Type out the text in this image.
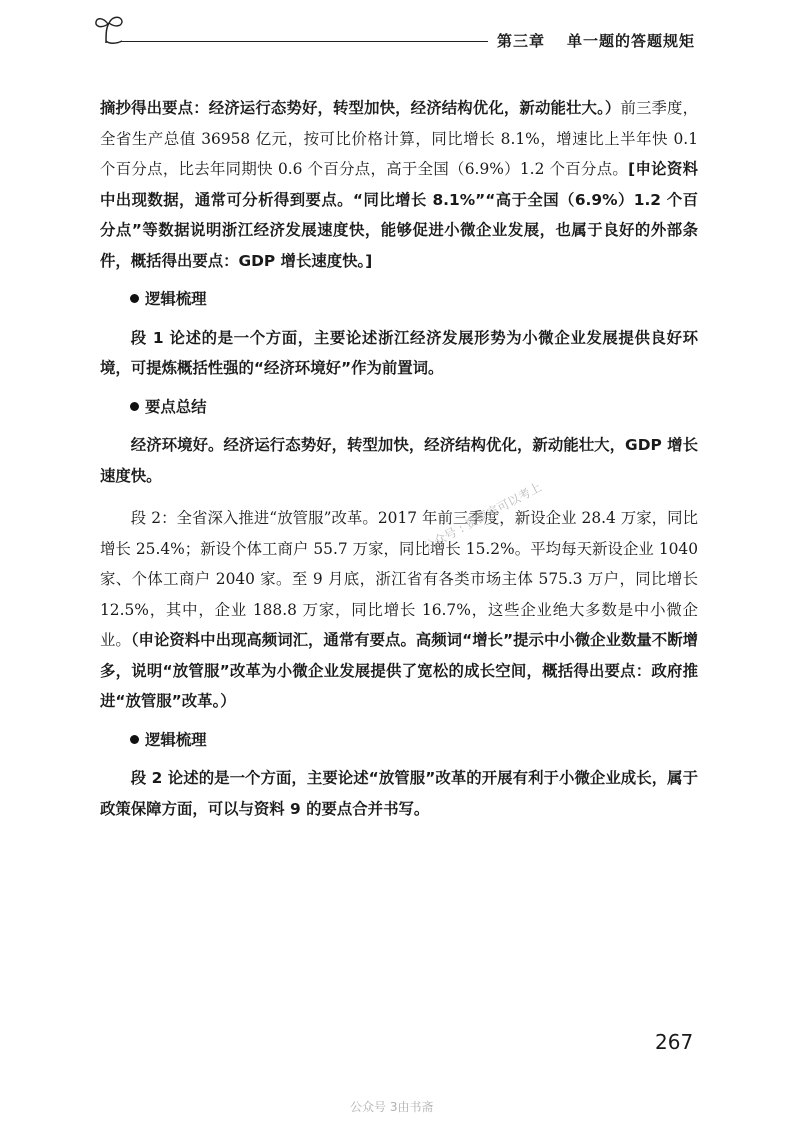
第三章 单一题的答题规矩

摘抄得出要点：经济运行态势好，转型加快，经济结构优化，新动能壮大。）前三季度，全省生产总值 36958 亿元，按可比价格计算，同比增长 8.1%，增速比上半年快 0.1 个百分点，比去年同期快 0.6 个百分点，高于全国（6.9%）1.2 个百分点。[申论资料中出现数据，通常可分析得到要点。“同比增长 8.1%”“高于全国（6.9%）1.2 个百分点”等数据说明浙江经济发展速度快，能够促进小微企业发展，也属于良好的外部条件，概括得出要点：GDP 增长速度快。]

逻辑梳理

段 1 论述的是一个方面，主要论述浙江经济发展形势为小微企业发展提供良好环境，可提炼概括性强的“经济环境好”作为前置词。

要点总结

经济环境好。经济运行态势好，转型加快，经济结构优化，新动能壮大，GDP 增长速度快。

段 2：全省深入推进“放管服”改革。2017 年前三季度，新设企业 28.4 万家，同比增长 25.4%；新设个体工商户 55.7 万家，同比增长 15.2%。平均每天新设企业 1040 家、个体工商户 2040 家。至 9 月底，浙江省有各类市场主体 575.3 万户，同比增长 12.5%，其中，企业 188.8 万家，同比增长 16.7%，这些企业绝大多数是中小微企业。（申论资料中出现高频词汇，通常有要点。高频词“增长”提示中小微企业数量不断增多，说明“放管服”改革为小微企业发展提供了宽松的成长空间，概括得出要点：政府推进“放管服”改革。）

逻辑梳理

段 2 论述的是一个方面，主要论述“放管服”改革的开展有利于小微企业成长，属于政策保障方面，可以与资料 9 的要点合并书写。

公众号 : 资源室可以考上
267
公众号 3由书斋
